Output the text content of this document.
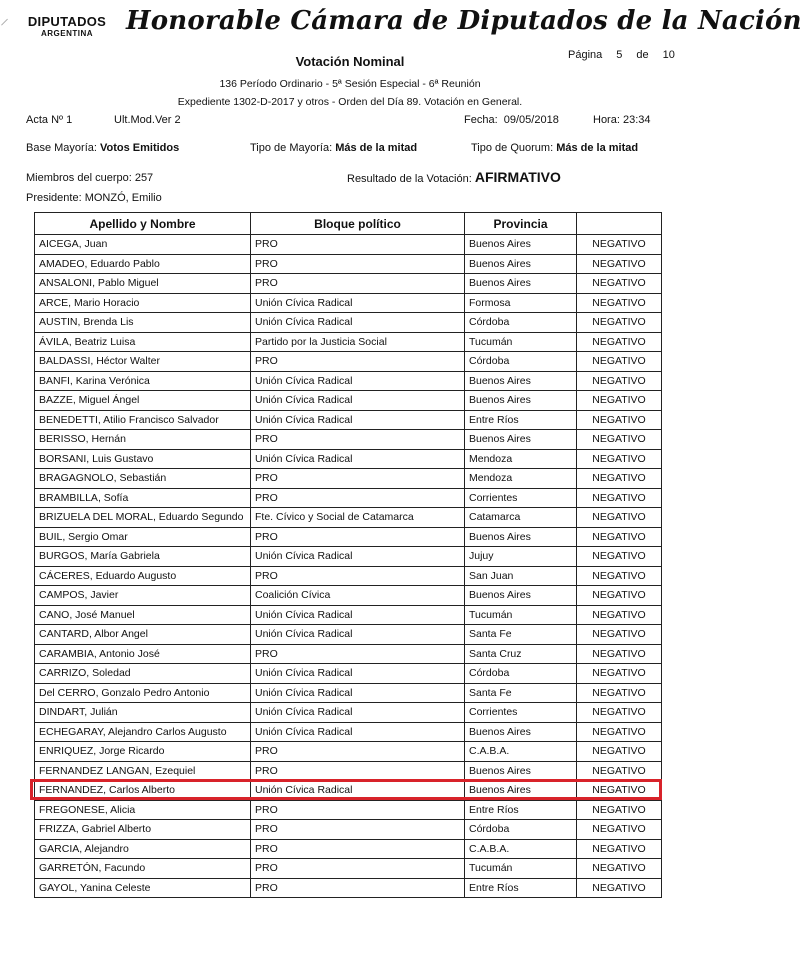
⸝	DIPUTADOS
ARGENTINA	Honorable Cámara de Diputados de la Nación
Votación Nominal	Página 5 de 10
136 Período Ordinario - 5ª Sesión Especial - 6ª Reunión
Expediente 1302-D-2017 y otros - Orden del Día 89. Votación en General.
Acta Nº 1	Ult.Mod.Ver 2	Fecha: 09/05/2018	Hora: 23:34
Base Mayoría: Votos Emitidos	Tipo de Mayoría: Más de la mitad	Tipo de Quorum: Más de la mitad
Miembros del cuerpo: 257	Resultado de la Votación: AFIRMATIVO
Presidente: MONZÓ, Emilio
Apellido y Nombre	Bloque político	Provincia	
AICEGA, Juan	PRO	Buenos Aires	NEGATIVO
AMADEO, Eduardo Pablo	PRO	Buenos Aires	NEGATIVO
ANSALONI, Pablo Miguel	PRO	Buenos Aires	NEGATIVO
ARCE, Mario Horacio	Unión Cívica Radical	Formosa	NEGATIVO
AUSTIN, Brenda Lis	Unión Cívica Radical	Córdoba	NEGATIVO
ÁVILA, Beatriz Luisa	Partido por la Justicia Social	Tucumán	NEGATIVO
BALDASSI, Héctor Walter	PRO	Córdoba	NEGATIVO
BANFI, Karina Verónica	Unión Cívica Radical	Buenos Aires	NEGATIVO
BAZZE, Miguel Ángel	Unión Cívica Radical	Buenos Aires	NEGATIVO
BENEDETTI, Atilio Francisco Salvador	Unión Cívica Radical	Entre Ríos	NEGATIVO
BERISSO, Hernán	PRO	Buenos Aires	NEGATIVO
BORSANI, Luis Gustavo	Unión Cívica Radical	Mendoza	NEGATIVO
BRAGAGNOLO, Sebastián	PRO	Mendoza	NEGATIVO
BRAMBILLA, Sofía	PRO	Corrientes	NEGATIVO
BRIZUELA DEL MORAL, Eduardo Segundo	Fte. Cívico y Social de Catamarca	Catamarca	NEGATIVO
BUIL, Sergio Omar	PRO	Buenos Aires	NEGATIVO
BURGOS, María Gabriela	Unión Cívica Radical	Jujuy	NEGATIVO
CÁCERES, Eduardo Augusto	PRO	San Juan	NEGATIVO
CAMPOS, Javier	Coalición Cívica	Buenos Aires	NEGATIVO
CANO, José Manuel	Unión Cívica Radical	Tucumán	NEGATIVO
CANTARD, Albor Angel	Unión Cívica Radical	Santa Fe	NEGATIVO
CARAMBIA, Antonio José	PRO	Santa Cruz	NEGATIVO
CARRIZO, Soledad	Unión Cívica Radical	Córdoba	NEGATIVO
Del CERRO, Gonzalo Pedro Antonio	Unión Cívica Radical	Santa Fe	NEGATIVO
DINDART, Julián	Unión Cívica Radical	Corrientes	NEGATIVO
ECHEGARAY, Alejandro Carlos Augusto	Unión Cívica Radical	Buenos Aires	NEGATIVO
ENRIQUEZ, Jorge Ricardo	PRO	C.A.B.A.	NEGATIVO
FERNANDEZ LANGAN, Ezequiel	PRO	Buenos Aires	NEGATIVO
FERNANDEZ, Carlos Alberto	Unión Cívica Radical	Buenos Aires	NEGATIVO
FREGONESE, Alicia	PRO	Entre Ríos	NEGATIVO
FRIZZA, Gabriel Alberto	PRO	Córdoba	NEGATIVO
GARCIA, Alejandro	PRO	C.A.B.A.	NEGATIVO
GARRETÓN, Facundo	PRO	Tucumán	NEGATIVO
GAYOL, Yanina Celeste	PRO	Entre Ríos	NEGATIVO
